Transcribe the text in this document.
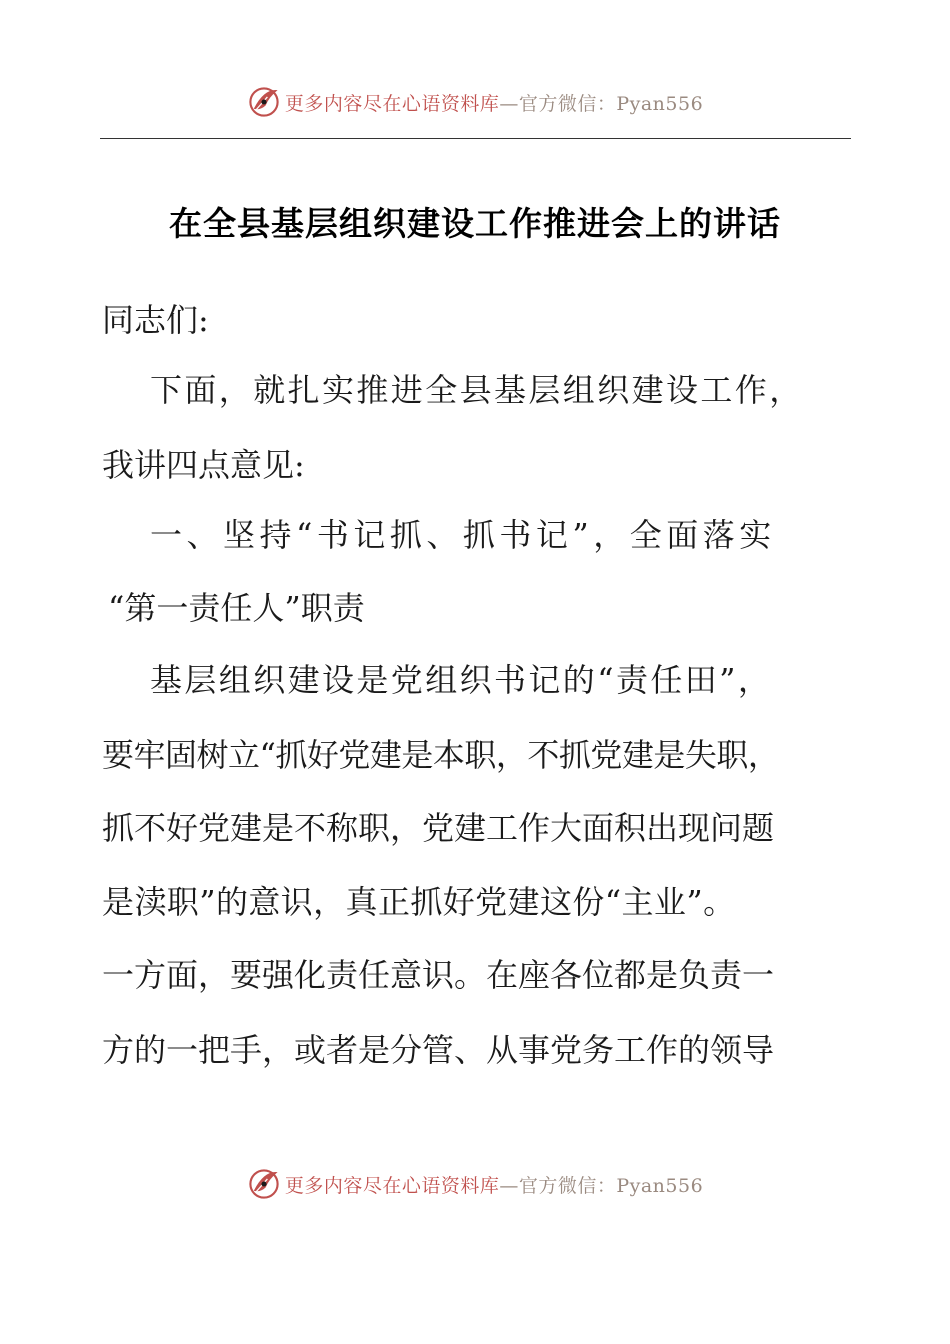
更多内容尽在心语资料库—官方微信：Pyan556
在全县基层组织建设工作推进会上的讲话
同志们:
下面，就扎实推进全县基层组织建设工作，
我讲四点意见:
一、坚持“书记抓、抓书记”，全面落实
“第一责任人”职责
基层组织建设是党组织书记的“责任田”，
要牢固树立“抓好党建是本职，不抓党建是失职，
抓不好党建是不称职，党建工作大面积出现问题
是渎职”的意识，真正抓好党建这份“主业”。
一方面，要强化责任意识。在座各位都是负责一
方的一把手，或者是分管、从事党务工作的领导
更多内容尽在心语资料库—官方微信：Pyan556
